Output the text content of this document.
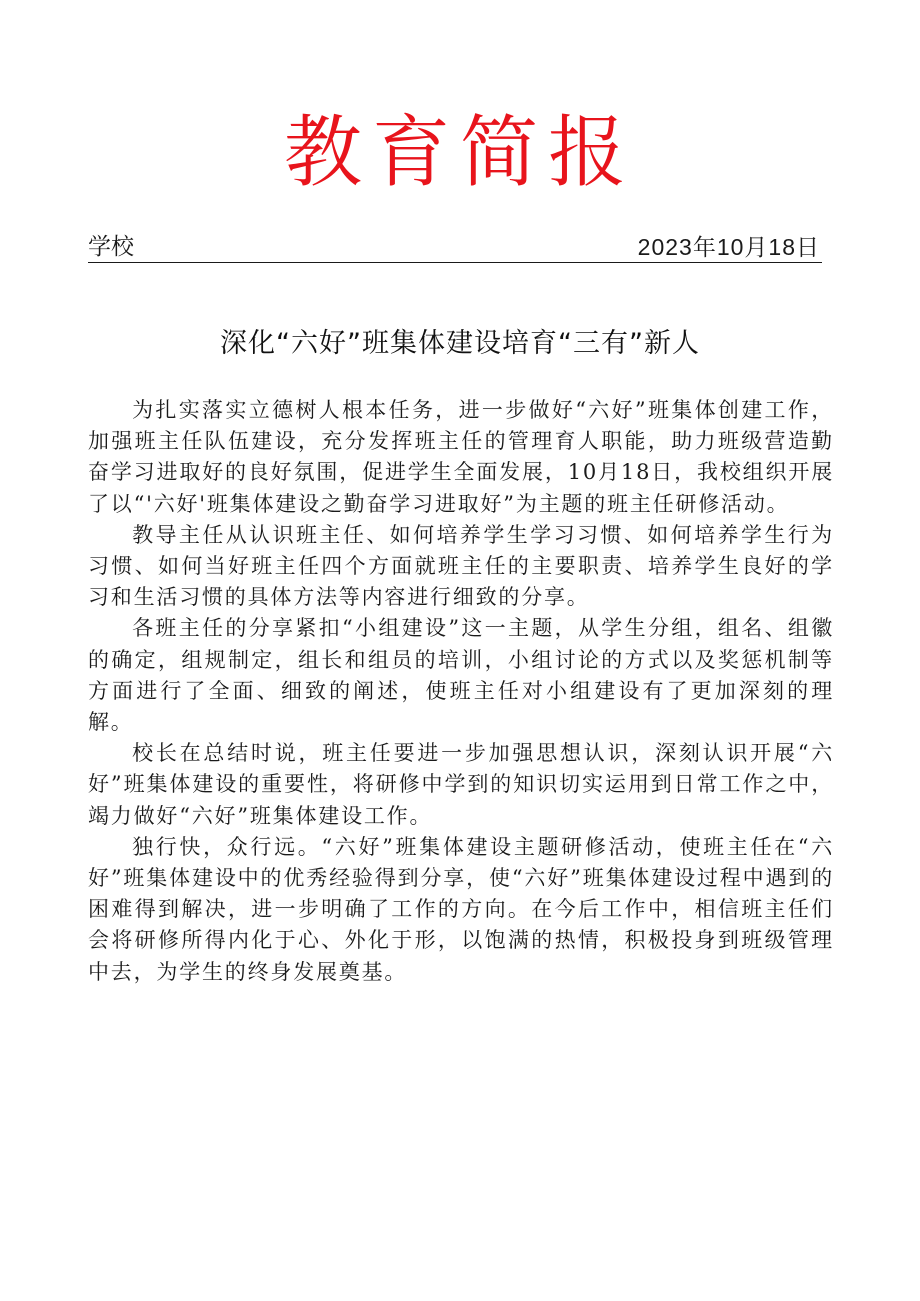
教育简报
学校	2023年10月18日
深化“六好”班集体建设培育“三有”新人

为扎实落实立德树人根本任务，进一步做好“六好”班集体创建工作，加强班主任队伍建设，充分发挥班主任的管理育人职能，助力班级营造勤奋学习进取好的良好氛围，促进学生全面发展，10月18日，我校组织开展了以“'六好'班集体建设之勤奋学习进取好”为主题的班主任研修活动。

教导主任从认识班主任、如何培养学生学习习惯、如何培养学生行为习惯、如何当好班主任四个方面就班主任的主要职责、培养学生良好的学习和生活习惯的具体方法等内容进行细致的分享。

各班主任的分享紧扣“小组建设”这一主题，从学生分组，组名、组徽的确定，组规制定，组长和组员的培训，小组讨论的方式以及奖惩机制等方面进行了全面、细致的阐述，使班主任对小组建设有了更加深刻的理解。

校长在总结时说，班主任要进一步加强思想认识，深刻认识开展“六好”班集体建设的重要性，将研修中学到的知识切实运用到日常工作之中，竭力做好“六好”班集体建设工作。

独行快，众行远。“六好”班集体建设主题研修活动，使班主任在“六好”班集体建设中的优秀经验得到分享，使“六好”班集体建设过程中遇到的困难得到解决，进一步明确了工作的方向。在今后工作中，相信班主任们会将研修所得内化于心、外化于形，以饱满的热情，积极投身到班级管理中去，为学生的终身发展奠基。
